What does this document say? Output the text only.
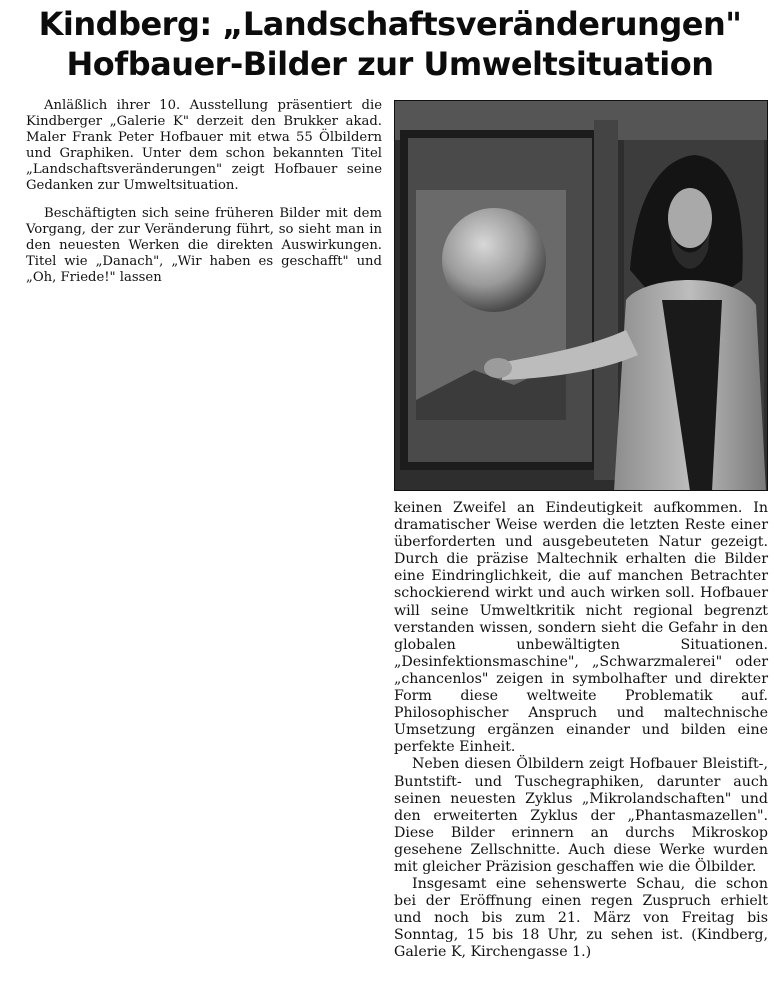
Kindberg: „Landschaftsveränderungen"
Hofbauer-Bilder zur Umweltsituation

Anläßlich ihrer 10. Ausstellung präsentiert die Kindberger „Galerie K" derzeit den Brukker akad. Maler Frank Peter Hofbauer mit etwa 55 Ölbildern und Graphiken. Unter dem schon bekannten Titel „Landschaftsveränderungen" zeigt Hofbauer seine Gedanken zur Umweltsituation.

Beschäftigten sich seine früheren Bilder mit dem Vorgang, der zur Veränderung führt, so sieht man in den neuesten Werken die direkten Auswirkungen. Titel wie „Danach", „Wir haben es geschafft" und „Oh, Friede!" lassen

keinen Zweifel an Eindeutigkeit aufkommen. In dramatischer Weise werden die letzten Reste einer überforderten und ausgebeuteten Natur gezeigt. Durch die präzise Maltechnik erhalten die Bilder eine Eindringlichkeit, die auf manchen Betrachter schockierend wirkt und auch wirken soll. Hofbauer will seine Umweltkritik nicht regional begrenzt verstanden wissen, sondern sieht die Gefahr in den globalen unbewältigten Situationen. „Desinfektionsmaschine", „Schwarzmalerei" oder „chancenlos" zeigen in symbolhafter und direkter Form diese weltweite Problematik auf. Philosophischer Anspruch und maltechnische Umsetzung ergänzen einander und bilden eine perfekte Einheit.

Neben diesen Ölbildern zeigt Hofbauer Bleistift-, Buntstift- und Tuschegraphiken, darunter auch seinen neuesten Zyklus „Mikrolandschaften" und den erweiterten Zyklus der „Phantasmazellen". Diese Bilder erinnern an durchs Mikroskop gesehene Zellschnitte. Auch diese Werke wurden mit gleicher Präzision geschaffen wie die Ölbilder.

Insgesamt eine sehenswerte Schau, die schon bei der Eröffnung einen regen Zuspruch erhielt und noch bis zum 21. März von Freitag bis Sonntag, 15 bis 18 Uhr, zu sehen ist. (Kindberg, Galerie K, Kirchengasse 1.)
